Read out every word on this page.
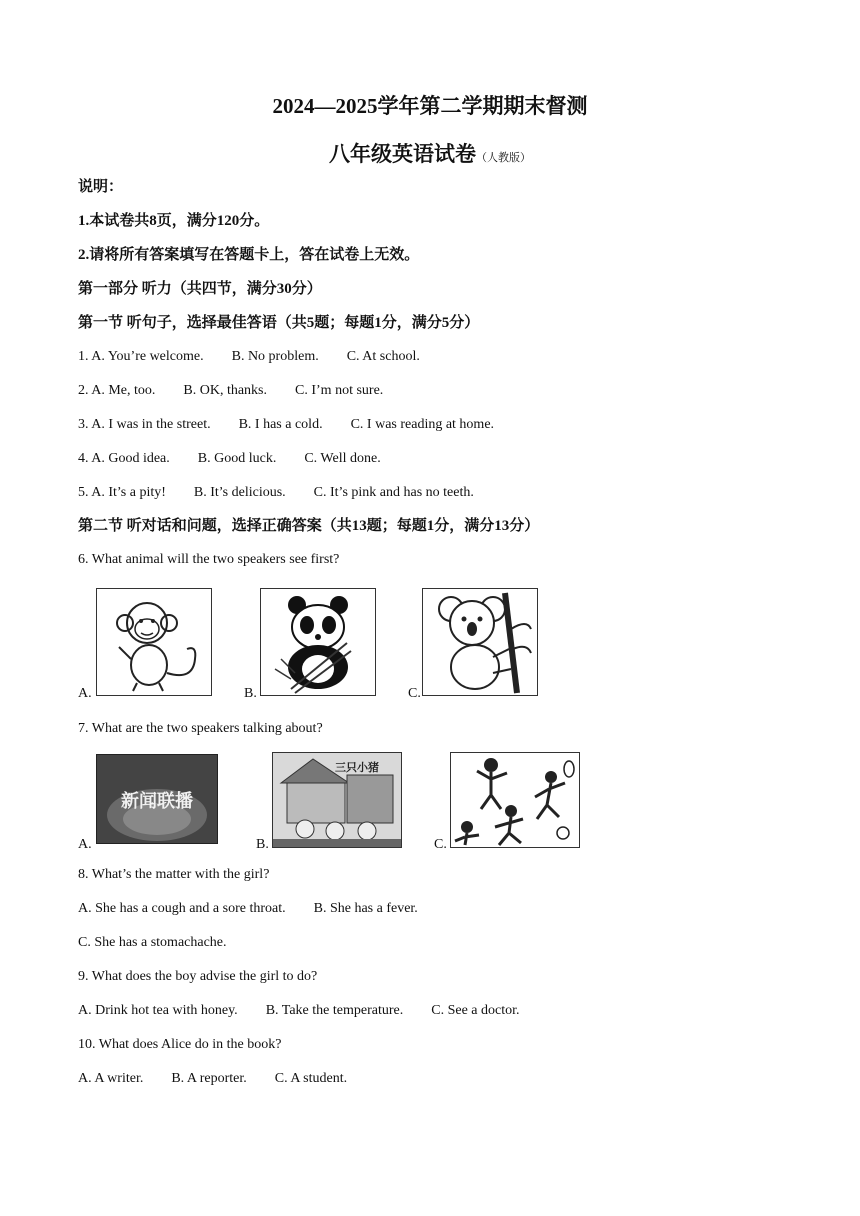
2024—2025学年第二学期期末督测
八年级英语试卷（人教版）
说明：
1.本试卷共8页，满分120分。
2.请将所有答案填写在答题卡上，答在试卷上无效。
第一部分 听力（共四节，满分30分）
第一节 听句子，选择最佳答语（共5题；每题1分，满分5分）
1. A. You’re welcome. B. No problem. C. At school.
2. A. Me, too. B. OK, thanks. C. I’m not sure.
3. A. I was in the street. B. I has a cold. C. I was reading at home.
4. A. Good idea. B. Good luck. C. Well done.
5. A. It’s a pity! B. It’s delicious. C. It’s pink and has no teeth.
第二节 听对话和问题，选择正确答案（共13题；每题1分，满分13分）
6. What animal will the two speakers see first?
A.	B.	C.
7. What are the two speakers talking about?
A.
新闻联播
B.
三只小猪
C.
8. What’s the matter with the girl?
A. She has a cough and a sore throat. B. She has a fever.
C. She has a stomachache.
9. What does the boy advise the girl to do?
A. Drink hot tea with honey. B. Take the temperature. C. See a doctor.
10. What does Alice do in the book?
A. A writer. B. A reporter. C. A student.
